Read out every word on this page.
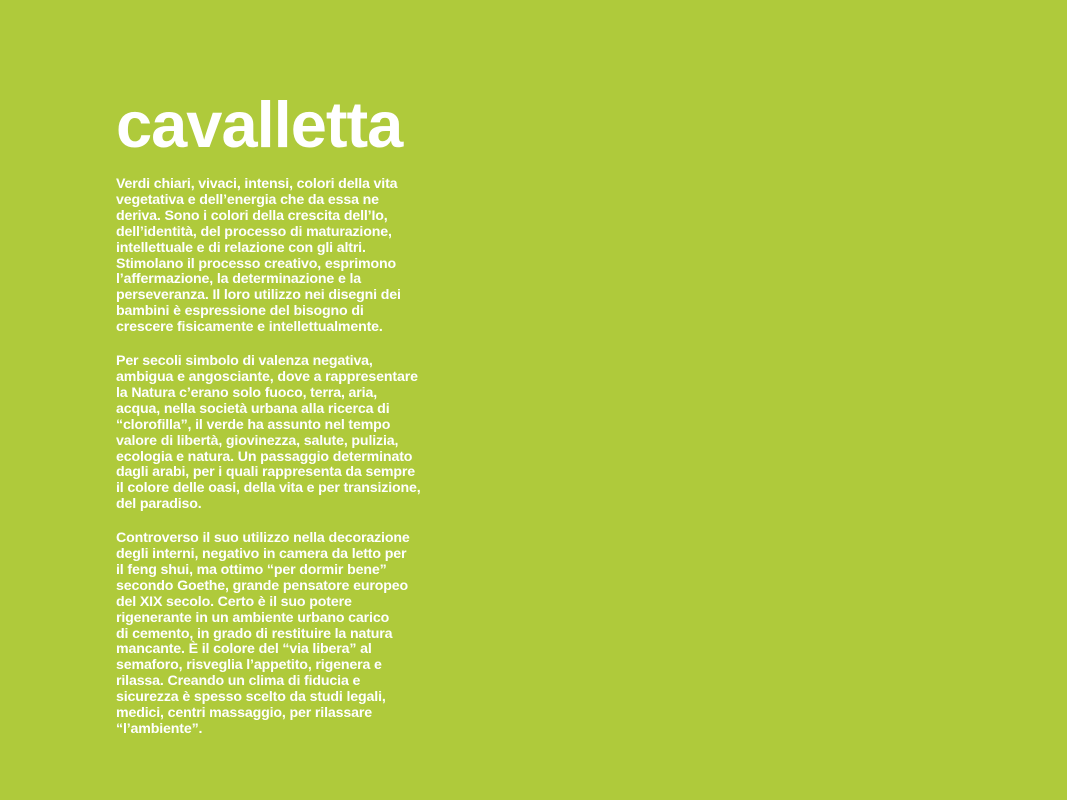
cavalletta

Verdi chiari, vivaci, intensi, colori della vita
vegetativa e dell’energia che da essa ne
deriva. Sono i colori della crescita dell’Io,
dell’identità, del processo di maturazione,
intellettuale e di relazione con gli altri.
Stimolano il processo creativo, esprimono
l’affermazione, la determinazione e la
perseveranza. Il loro utilizzo nei disegni dei
bambini è espressione del bisogno di
crescere fisicamente e intellettualmente.

Per secoli simbolo di valenza negativa,
ambigua e angosciante, dove a rappresentare
la Natura c’erano solo fuoco, terra, aria,
acqua, nella società urbana alla ricerca di
“clorofilla”, il verde ha assunto nel tempo
valore di libertà, giovinezza, salute, pulizia,
ecologia e natura. Un passaggio determinato
dagli arabi, per i quali rappresenta da sempre
il colore delle oasi, della vita e per transizione,
del paradiso.

Controverso il suo utilizzo nella decorazione
degli interni, negativo in camera da letto per
il feng shui, ma ottimo “per dormir bene”
secondo Goethe, grande pensatore europeo
del XIX secolo. Certo è il suo potere
rigenerante in un ambiente urbano carico
di cemento, in grado di restituire la natura
mancante. È il colore del “via libera” al
semaforo, risveglia l’appetito, rigenera e
rilassa. Creando un clima di fiducia e
sicurezza è spesso scelto da studi legali,
medici, centri massaggio, per rilassare
“l’ambiente”.
